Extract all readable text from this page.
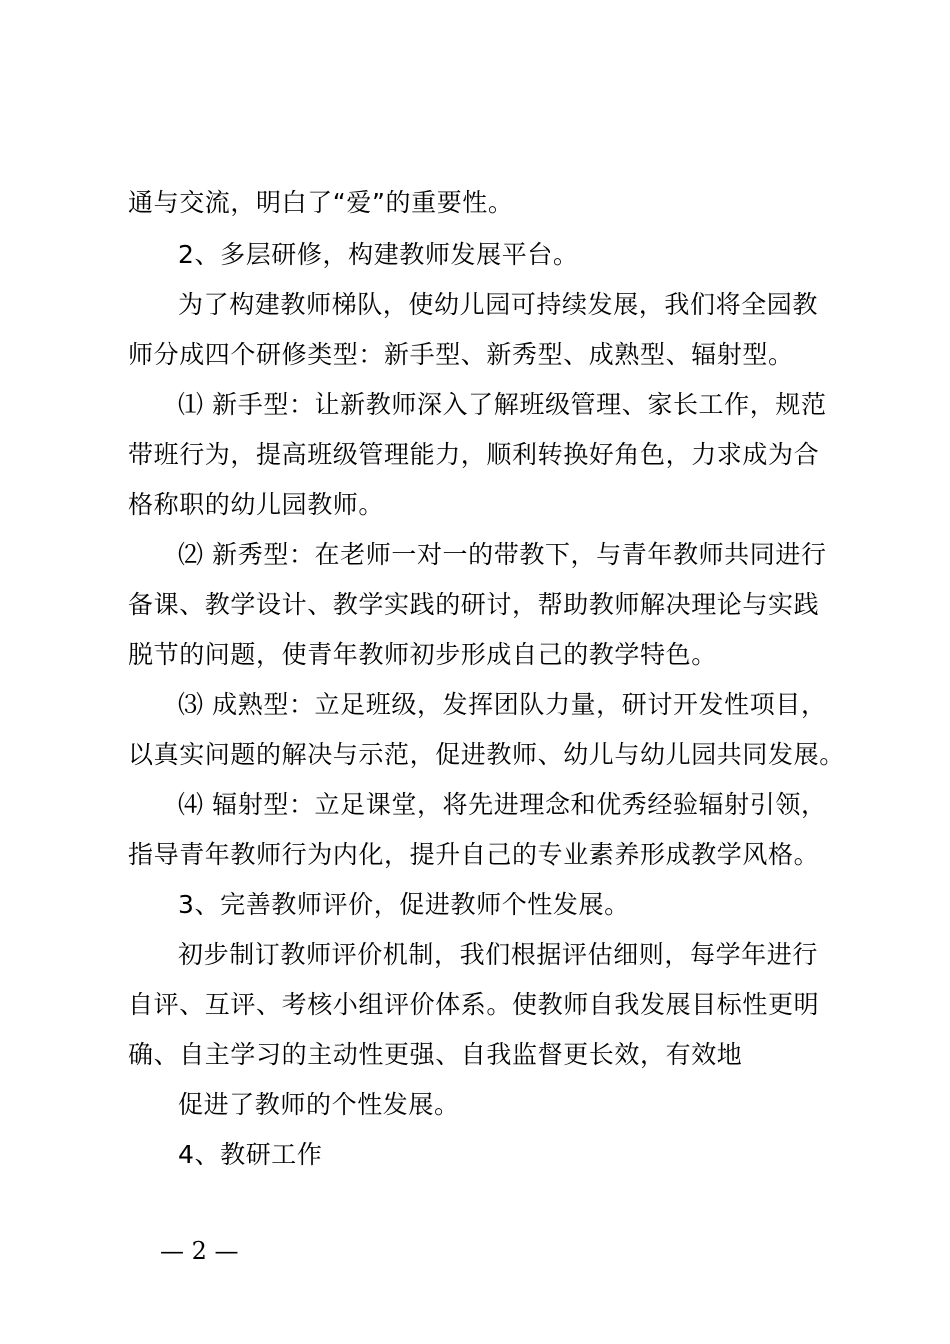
通与交流，明白了“爱”的重要性。
2、多层研修，构建教师发展平台。
为了构建教师梯队，使幼儿园可持续发展，我们将全园教
师分成四个研修类型：新手型、新秀型、成熟型、辐射型。
⑴ 新手型：让新教师深入了解班级管理、家长工作，规范
带班行为，提高班级管理能力，顺利转换好角色，力求成为合
格称职的幼儿园教师。
⑵ 新秀型：在老师一对一的带教下，与青年教师共同进行
备课、教学设计、教学实践的研讨，帮助教师解决理论与实践
脱节的问题，使青年教师初步形成自己的教学特色。
⑶ 成熟型：立足班级，发挥团队力量，研讨开发性项目，
以真实问题的解决与示范，促进教师、幼儿与幼儿园共同发展。
⑷ 辐射型：立足课堂，将先进理念和优秀经验辐射引领，
指导青年教师行为内化，提升自己的专业素养形成教学风格。
3、完善教师评价，促进教师个性发展。
初步制订教师评价机制，我们根据评估细则，每学年进行
自评、互评、考核小组评价体系。使教师自我发展目标性更明
确、自主学习的主动性更强、自我监督更长效，有效地
促进了教师的个性发展。
4、教研工作
— 2 —
